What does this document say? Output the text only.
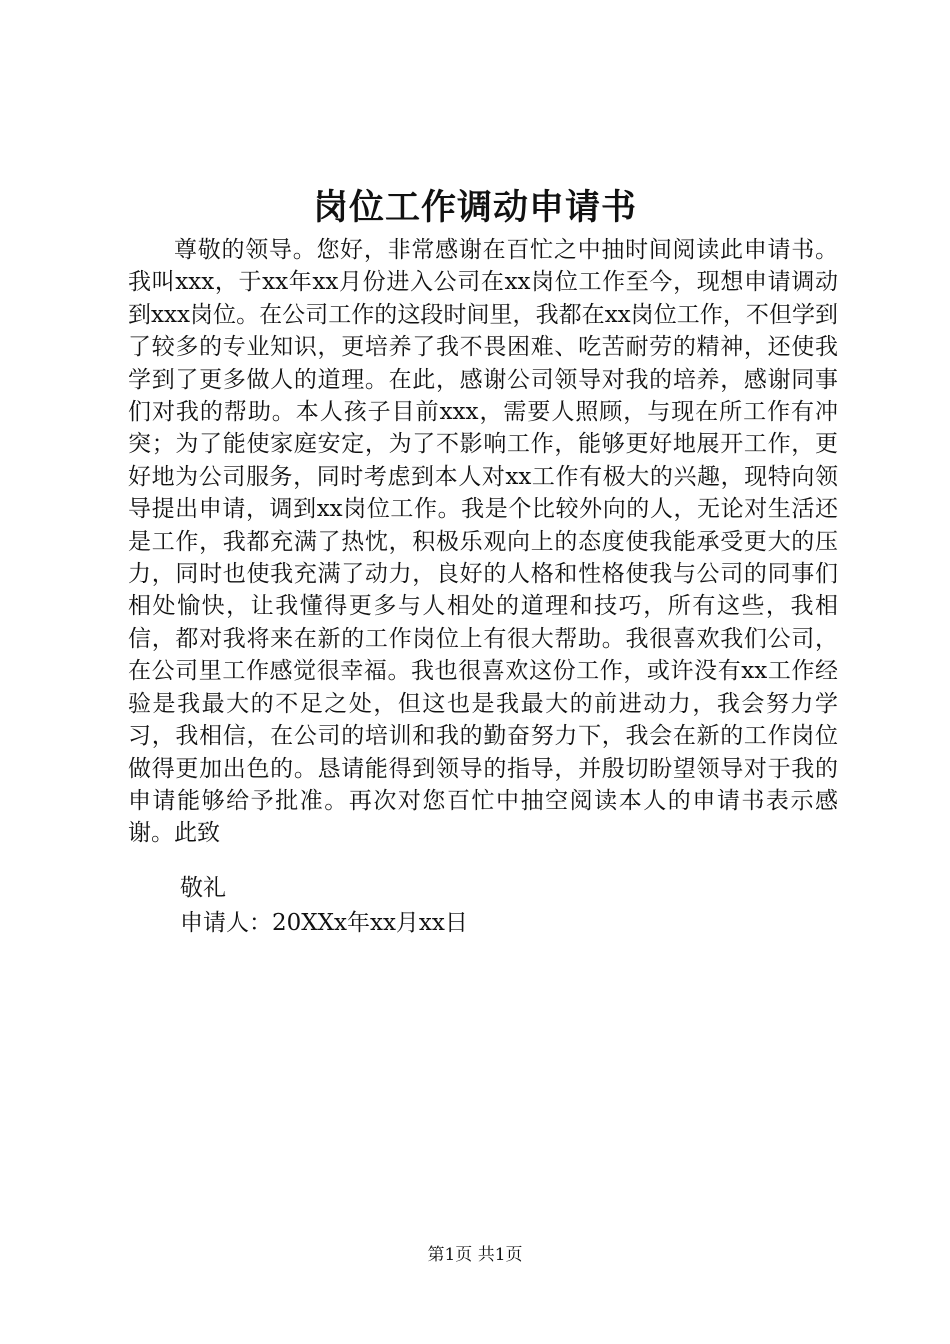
岗位工作调动申请书

尊敬的领导。您好，非常感谢在百忙之中抽时间阅读此申请书。我叫xxx，于xx年xx月份进入公司在xx岗位工作至今，现想申请调动到xxx岗位。在公司工作的这段时间里，我都在xx岗位工作，不但学到了较多的专业知识，更培养了我不畏困难、吃苦耐劳的精神，还使我学到了更多做人的道理。在此，感谢公司领导对我的培养，感谢同事们对我的帮助。本人孩子目前xxx，需要人照顾，与现在所工作有冲突；为了能使家庭安定，为了不影响工作，能够更好地展开工作，更好地为公司服务，同时考虑到本人对xx工作有极大的兴趣，现特向领导提出申请，调到xx岗位工作。我是个比较外向的人，无论对生活还是工作，我都充满了热忱，积极乐观向上的态度使我能承受更大的压力，同时也使我充满了动力，良好的人格和性格使我与公司的同事们相处愉快，让我懂得更多与人相处的道理和技巧，所有这些，我相信，都对我将来在新的工作岗位上有很大帮助。我很喜欢我们公司，在公司里工作感觉很幸福。我也很喜欢这份工作，或许没有xx工作经验是我最大的不足之处，但这也是我最大的前进动力，我会努力学习，我相信，在公司的培训和我的勤奋努力下，我会在新的工作岗位做得更加出色的。恳请能得到领导的指导，并殷切盼望领导对于我的申请能够给予批准。再次对您百忙中抽空阅读本人的申请书表示感谢。此致

敬礼

申请人：20XXx年xx月xx日

第1页 共1页
